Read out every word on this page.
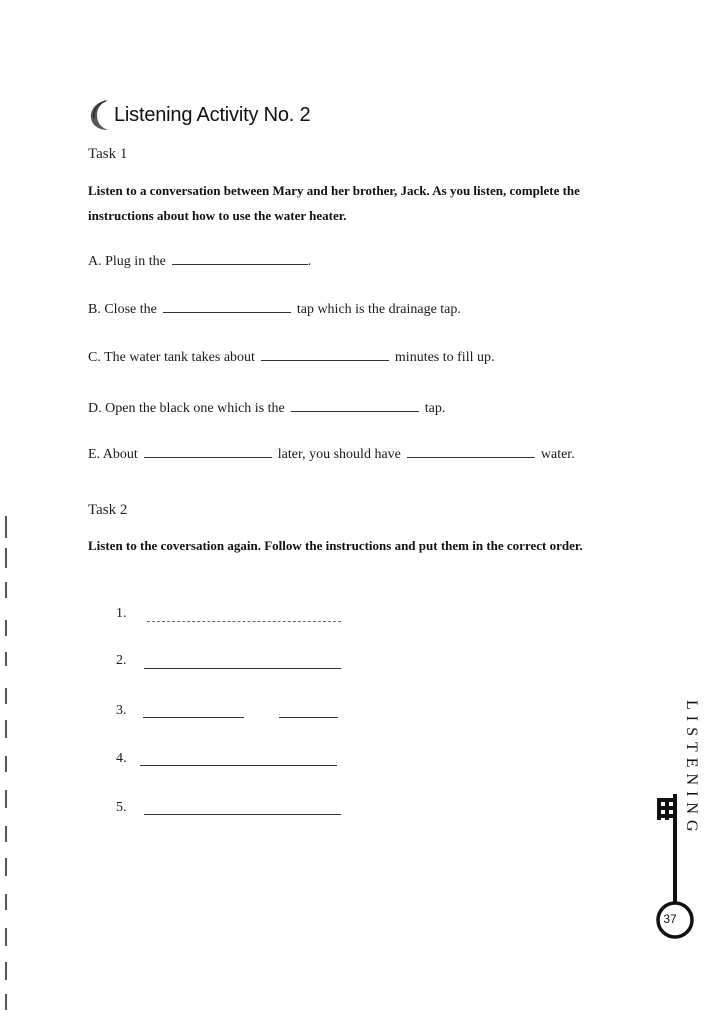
Listening Activity No. 2
Task 1
Listen to a conversation between Mary and her brother, Jack. As you listen, complete the instructions about how to use the water heater.
A. Plug in the	.
B. Close the	tap which is the drainage tap.
C. The water tank takes about	minutes to fill up.
D. Open the black one which is the	tap.
E. About	later, you should have	water.
Task 2
Listen to the coversation again. Follow the instructions and put them in the correct order.
1.
2.
3.
4.
5.	LISTENING
37
